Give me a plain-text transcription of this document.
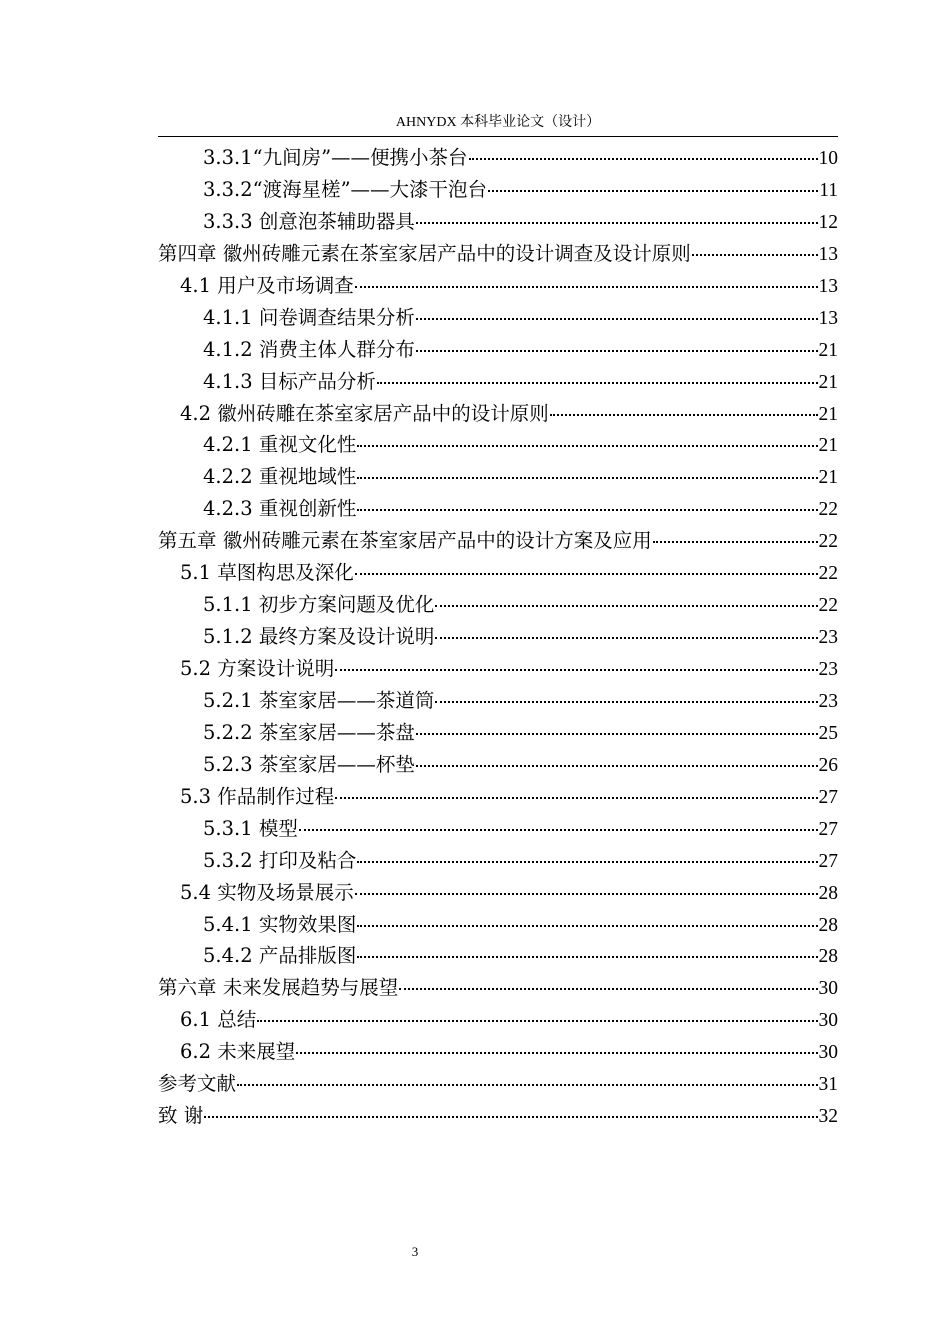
AHNYDX 本科毕业论文（设计）
3.3.1“九间房”——便携小茶台	10
3.3.2“渡海星槎”——大漆干泡台	11
3.3.3 创意泡茶辅助器具	12
第四章 徽州砖雕元素在茶室家居产品中的设计调查及设计原则	13
4.1 用户及市场调查	13
4.1.1 问卷调查结果分析	13
4.1.2 消费主体人群分布	21
4.1.3 目标产品分析	21
4.2 徽州砖雕在茶室家居产品中的设计原则	21
4.2.1 重视文化性	21
4.2.2 重视地域性	21
4.2.3 重视创新性	22
第五章 徽州砖雕元素在茶室家居产品中的设计方案及应用	22
5.1 草图构思及深化	22
5.1.1 初步方案问题及优化	22
5.1.2 最终方案及设计说明	23
5.2 方案设计说明	23
5.2.1 茶室家居——茶道筒	23
5.2.2 茶室家居——茶盘	25
5.2.3 茶室家居——杯垫	26
5.3 作品制作过程	27
5.3.1 模型	27
5.3.2 打印及粘合	27
5.4 实物及场景展示	28
5.4.1 实物效果图	28
5.4.2 产品排版图	28
第六章 未来发展趋势与展望	30
6.1 总结	30
6.2 未来展望	30
参考文献	31
致 谢	32
3
